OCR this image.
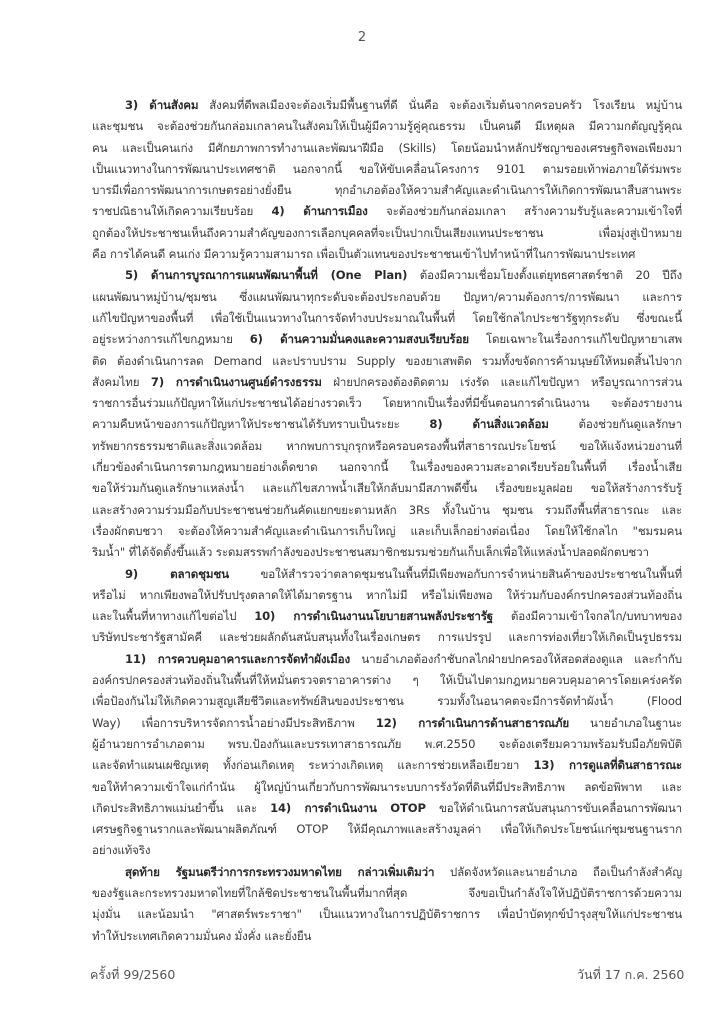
2
3) ด้านสังคม สังคมที่ดีพลเมืองจะต้องเริ่มมีพื้นฐานที่ดี นั่นคือ จะต้องเริ่มต้นจากครอบครัว โรงเรียน หมู่บ้าน
และชุมชน จะต้องช่วยกันกล่อมเกลาคนในสังคมให้เป็นผู้มีความรู้คู่คุณธรรม เป็นคนดี มีเหตุผล มีความกตัญญูรู้คุณ
คน และเป็นคนเก่ง มีศักยภาพการทำงานและพัฒนาฝีมือ (Skills) โดยน้อมนำหลักปรัชญาของเศรษฐกิจพอเพียงมา
เป็นแนวทางในการพัฒนาประเทศชาติ นอกจากนี้ ขอให้ขับเคลื่อนโครงการ 9101 ตามรอยเท้าพ่อภายใต้ร่มพระ
บารมีเพื่อการพัฒนาการเกษตรอย่างยั่งยืน ทุกอำเภอต้องให้ความสำคัญและดำเนินการให้เกิดการพัฒนาสืบสานพระ
ราชปณิธานให้เกิดความเรียบร้อย 4) ด้านการเมือง จะต้องช่วยกันกล่อมเกลา สร้างความรับรู้และความเข้าใจที่
ถูกต้องให้ประชาชนเห็นถึงความสำคัญของการเลือกบุคคลที่จะเป็นปากเป็นเสียงแทนประชาชน เพื่อมุ่งสู่เป้าหมาย
คือ การได้คนดี คนเก่ง มีความรู้ความสามารถ เพื่อเป็นตัวแทนของประชาชนเข้าไปทำหน้าที่ในการพัฒนาประเทศ
5) ด้านการบูรณาการแผนพัฒนาพื้นที่ (One Plan) ต้องมีความเชื่อมโยงตั้งแต่ยุทธศาสตร์ชาติ 20 ปีถึง
แผนพัฒนาหมู่บ้าน/ชุมชน ซึ่งแผนพัฒนาทุกระดับจะต้องประกอบด้วย ปัญหา/ความต้องการ/การพัฒนา และการ
แก้ไขปัญหาของพื้นที่ เพื่อใช้เป็นแนวทางในการจัดทำงบประมาณในพื้นที่ โดยใช้กลไกประชารัฐทุกระดับ ซึ่งขณะนี้
อยู่ระหว่างการแก้ไขกฎหมาย 6) ด้านความมั่นคงและความสงบเรียบร้อย โดยเฉพาะในเรื่องการแก้ไขปัญหายาเสพ
ติด ต้องดำเนินการลด Demand และปราบปราม Supply ของยาเสพติด รวมทั้งขจัดการค้ามนุษย์ให้หมดสิ้นไปจาก
สังคมไทย 7) การดำเนินงานศูนย์ดำรงธรรม ฝ่ายปกครองต้องติดตาม เร่งรัด และแก้ไขปัญหา หรือบูรณาการส่วน
ราชการอื่นร่วมแก้ปัญหาให้แก่ประชาชนได้อย่างรวดเร็ว โดยหากเป็นเรื่องที่มีขั้นตอนการดำเนินงาน จะต้องรายงาน
ความคืบหน้าของการแก้ปัญหาให้ประชาชนได้รับทราบเป็นระยะ 8) ด้านสิ่งแวดล้อม ต้องช่วยกันดูแลรักษา
ทรัพยากรธรรมชาติและสิ่งแวดล้อม หากพบการบุกรุกหรือครอบครองพื้นที่สาธารณประโยชน์ ขอให้แจ้งหน่วยงานที่
เกี่ยวข้องดำเนินการตามกฎหมายอย่างเด็ดขาด นอกจากนี้ ในเรื่องของความสะอาดเรียบร้อยในพื้นที่ เรื่องน้ำเสีย
ขอให้ร่วมกันดูแลรักษาแหล่งน้ำ และแก้ไขสภาพน้ำเสียให้กลับมามีสภาพดีขึ้น เรื่องขยะมูลฝอย ขอให้สร้างการรับรู้
และสร้างความร่วมมือกับประชาชนช่วยกันคัดแยกขยะตามหลัก 3Rs ทั้งในบ้าน ชุมชน รวมถึงพื้นที่สาธารณะ และ
เรื่องผักตบชวา จะต้องให้ความสำคัญและดำเนินการเก็บใหญ่ และเก็บเล็กอย่างต่อเนื่อง โดยให้ใช้กลไก "ชมรมคน
ริมน้ำ" ที่ได้จัดตั้งขึ้นแล้ว ระดมสรรพกำลังของประชาชนสมาชิกชมรมช่วยกันเก็บเล็กเพื่อให้แหล่งน้ำปลอดผักตบชวา
9) ตลาดชุมชน ขอให้สำรวจว่าตลาดชุมชนในพื้นที่มีเพียงพอกับการจำหน่ายสินค้าของประชาชนในพื้นที่
หรือไม่ หากเพียงพอให้ปรับปรุงตลาดให้ได้มาตรฐาน หากไม่มี หรือไม่เพียงพอ ให้ร่วมกับองค์กรปกครองส่วนท้องถิ่น
และในพื้นที่หาทางแก้ไขต่อไป 10) การดำเนินงานนโยบายสานพลังประชารัฐ ต้องมีความเข้าใจกลไก/บทบาทของ
บริษัทประชารัฐสามัคคี และช่วยผลักดันสนับสนุนทั้งในเรื่องเกษตร การแปรรูป และการท่องเที่ยวให้เกิดเป็นรูปธรรม
11) การควบคุมอาคารและการจัดทำผังเมือง นายอำเภอต้องกำชับกลไกฝ่ายปกครองให้สอดส่องดูแล และกำกับ
องค์กรปกครองส่วนท้องถิ่นในพื้นที่ให้หมั่นตรวจตราอาคารต่าง ๆ ให้เป็นไปตามกฎหมายควบคุมอาคารโดยเคร่งครัด
เพื่อป้องกันไม่ให้เกิดความสูญเสียชีวิตและทรัพย์สินของประชาชน รวมทั้งในอนาคตจะมีการจัดทำผังน้ำ (Flood
Way) เพื่อการบริหารจัดการน้ำอย่างมีประสิทธิภาพ 12) การดำเนินการด้านสาธารณภัย นายอำเภอในฐานะ
ผู้อำนวยการอำเภอตาม พรบ.ป้องกันและบรรเทาสาธารณภัย พ.ศ.2550 จะต้องเตรียมความพร้อมรับมือภัยพิบัติ
และจัดทำแผนเผชิญเหตุ ทั้งก่อนเกิดเหตุ ระหว่างเกิดเหตุ และการช่วยเหลือเยียวยา 13) การดูแลที่ดินสาธารณะ
ขอให้ทำความเข้าใจแก่กำนัน ผู้ใหญ่บ้านเกี่ยวกับการพัฒนาระบบการรังวัดที่ดินที่มีประสิทธิภาพ ลดข้อพิพาท และ
เกิดประสิทธิภาพแม่นยำขึ้น และ 14) การดำเนินงาน OTOP ขอให้ดำเนินการสนับสนุนการขับเคลื่อนการพัฒนา
เศรษฐกิจฐานรากและพัฒนาผลิตภัณฑ์ OTOP ให้มีคุณภาพและสร้างมูลค่า เพื่อให้เกิดประโยชน์แก่ชุมชนฐานราก
อย่างแท้จริง
สุดท้าย รัฐมนตรีว่าการกระทรวงมหาดไทย กล่าวเพิ่มเติมว่า ปลัดจังหวัดและนายอำเภอ ถือเป็นกำลังสำคัญ
ของรัฐและกระทรวงมหาดไทยที่ใกล้ชิดประชาชนในพื้นที่มากที่สุด จึงขอเป็นกำลังใจให้ปฏิบัติราชการด้วยความ
มุ่งมั่น และน้อมนำ "ศาสตร์พระราชา" เป็นแนวทางในการปฏิบัติราชการ เพื่อบำบัดทุกข์บำรุงสุขให้แก่ประชาชน
ทำให้ประเทศเกิดความมั่นคง มั่งคั่ง และยั่งยืน
ครั้งที่ 99/2560	วันที่ 17 ก.ค. 2560
